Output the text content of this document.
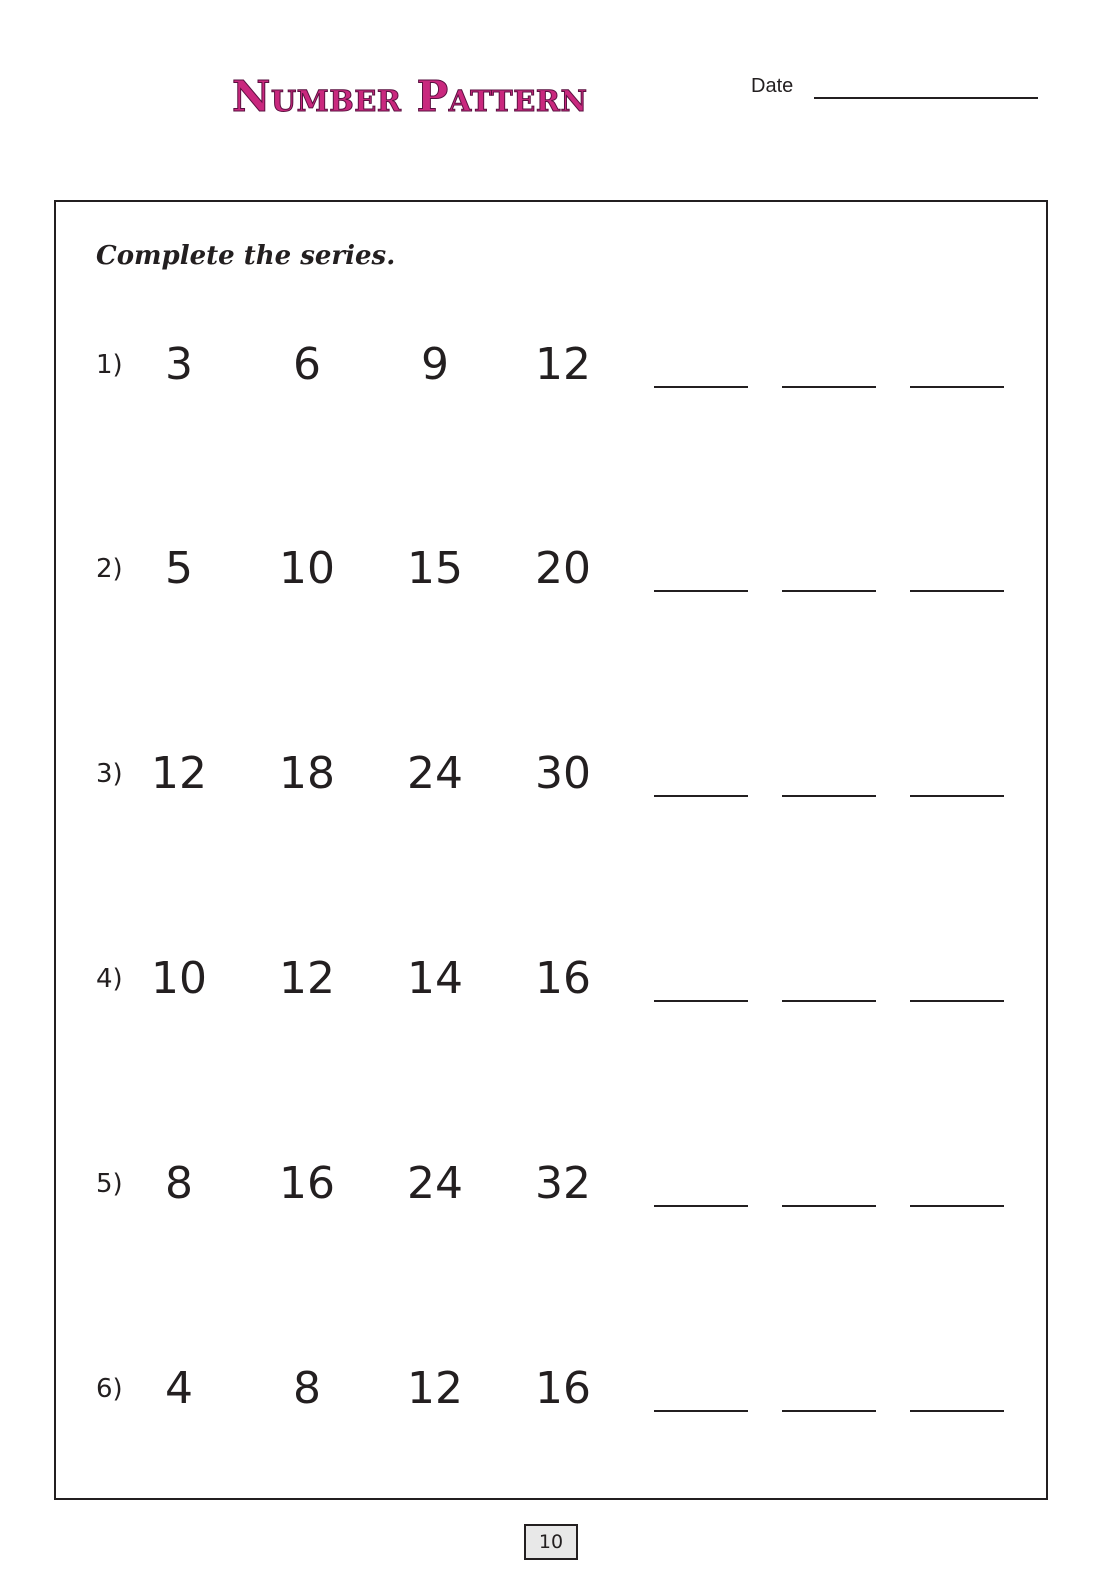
Number Pattern	Date
Complete the series.
1) 3	6	9	12
2) 5	10	15	20
3) 12	18	24	30
4) 10	12	14	16
5) 8	16	24	32
6) 4	8	12	16
10
